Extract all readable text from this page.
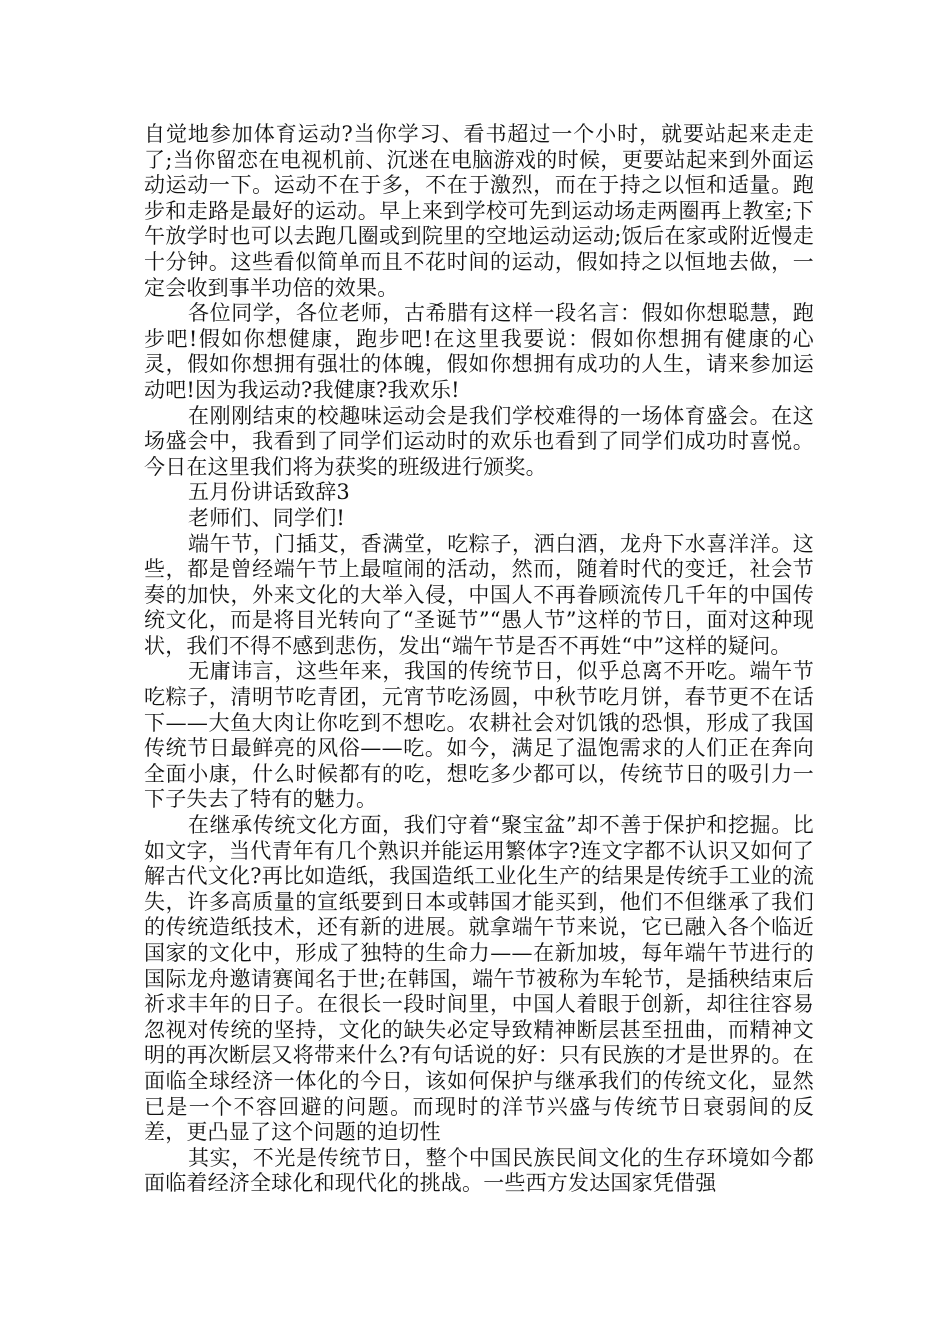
自觉地参加体育运动?当你学习、看书超过一个小时，就要站起来走走了;当你留恋在电视机前、沉迷在电脑游戏的时候，更要站起来到外面运动运动一下。运动不在于多，不在于激烈，而在于持之以恒和适量。跑步和走路是最好的运动。早上来到学校可先到运动场走两圈再上教室;下午放学时也可以去跑几圈或到院里的空地运动运动;饭后在家或附近慢走十分钟。这些看似简单而且不花时间的运动，假如持之以恒地去做，一定会收到事半功倍的效果。

各位同学，各位老师，古希腊有这样一段名言：假如你想聪慧，跑步吧!假如你想健康，跑步吧!在这里我要说：假如你想拥有健康的心灵，假如你想拥有强壮的体魄，假如你想拥有成功的人生，请来参加运动吧!因为我运动?我健康?我欢乐!

在刚刚结束的校趣味运动会是我们学校难得的一场体育盛会。在这场盛会中，我看到了同学们运动时的欢乐也看到了同学们成功时喜悦。今日在这里我们将为获奖的班级进行颁奖。

五月份讲话致辞3

老师们、同学们!

端午节，门插艾，香满堂，吃粽子，洒白酒，龙舟下水喜洋洋。这些，都是曾经端午节上最喧闹的活动，然而，随着时代的变迁，社会节奏的加快，外来文化的大举入侵，中国人不再眷顾流传几千年的中国传统文化，而是将目光转向了“圣诞节”“愚人节”这样的节日，面对这种现状，我们不得不感到悲伤，发出“端午节是否不再姓“中”这样的疑问。

无庸讳言，这些年来，我国的传统节日，似乎总离不开吃。端午节吃粽子，清明节吃青团，元宵节吃汤圆，中秋节吃月饼，春节更不在话下——大鱼大肉让你吃到不想吃。农耕社会对饥饿的恐惧，形成了我国传统节日最鲜亮的风俗——吃。如今，满足了温饱需求的人们正在奔向全面小康，什么时候都有的吃，想吃多少都可以，传统节日的吸引力一下子失去了特有的魅力。

在继承传统文化方面，我们守着“聚宝盆”却不善于保护和挖掘。比如文字，当代青年有几个熟识并能运用繁体字?连文字都不认识又如何了解古代文化?再比如造纸，我国造纸工业化生产的结果是传统手工业的流失，许多高质量的宣纸要到日本或韩国才能买到，他们不但继承了我们的传统造纸技术，还有新的进展。就拿端午节来说，它已融入各个临近国家的文化中，形成了独特的生命力——在新加坡，每年端午节进行的国际龙舟邀请赛闻名于世;在韩国，端午节被称为车轮节，是插秧结束后祈求丰年的日子。在很长一段时间里，中国人着眼于创新，却往往容易忽视对传统的坚持，文化的缺失必定导致精神断层甚至扭曲，而精神文明的再次断层又将带来什么?有句话说的好：只有民族的才是世界的。在面临全球经济一体化的今日，该如何保护与继承我们的传统文化，显然已是一个不容回避的问题。而现时的洋节兴盛与传统节日衰弱间的反差，更凸显了这个问题的迫切性

其实，不光是传统节日，整个中国民族民间文化的生存环境如今都面临着经济全球化和现代化的挑战。一些西方发达国家凭借强
